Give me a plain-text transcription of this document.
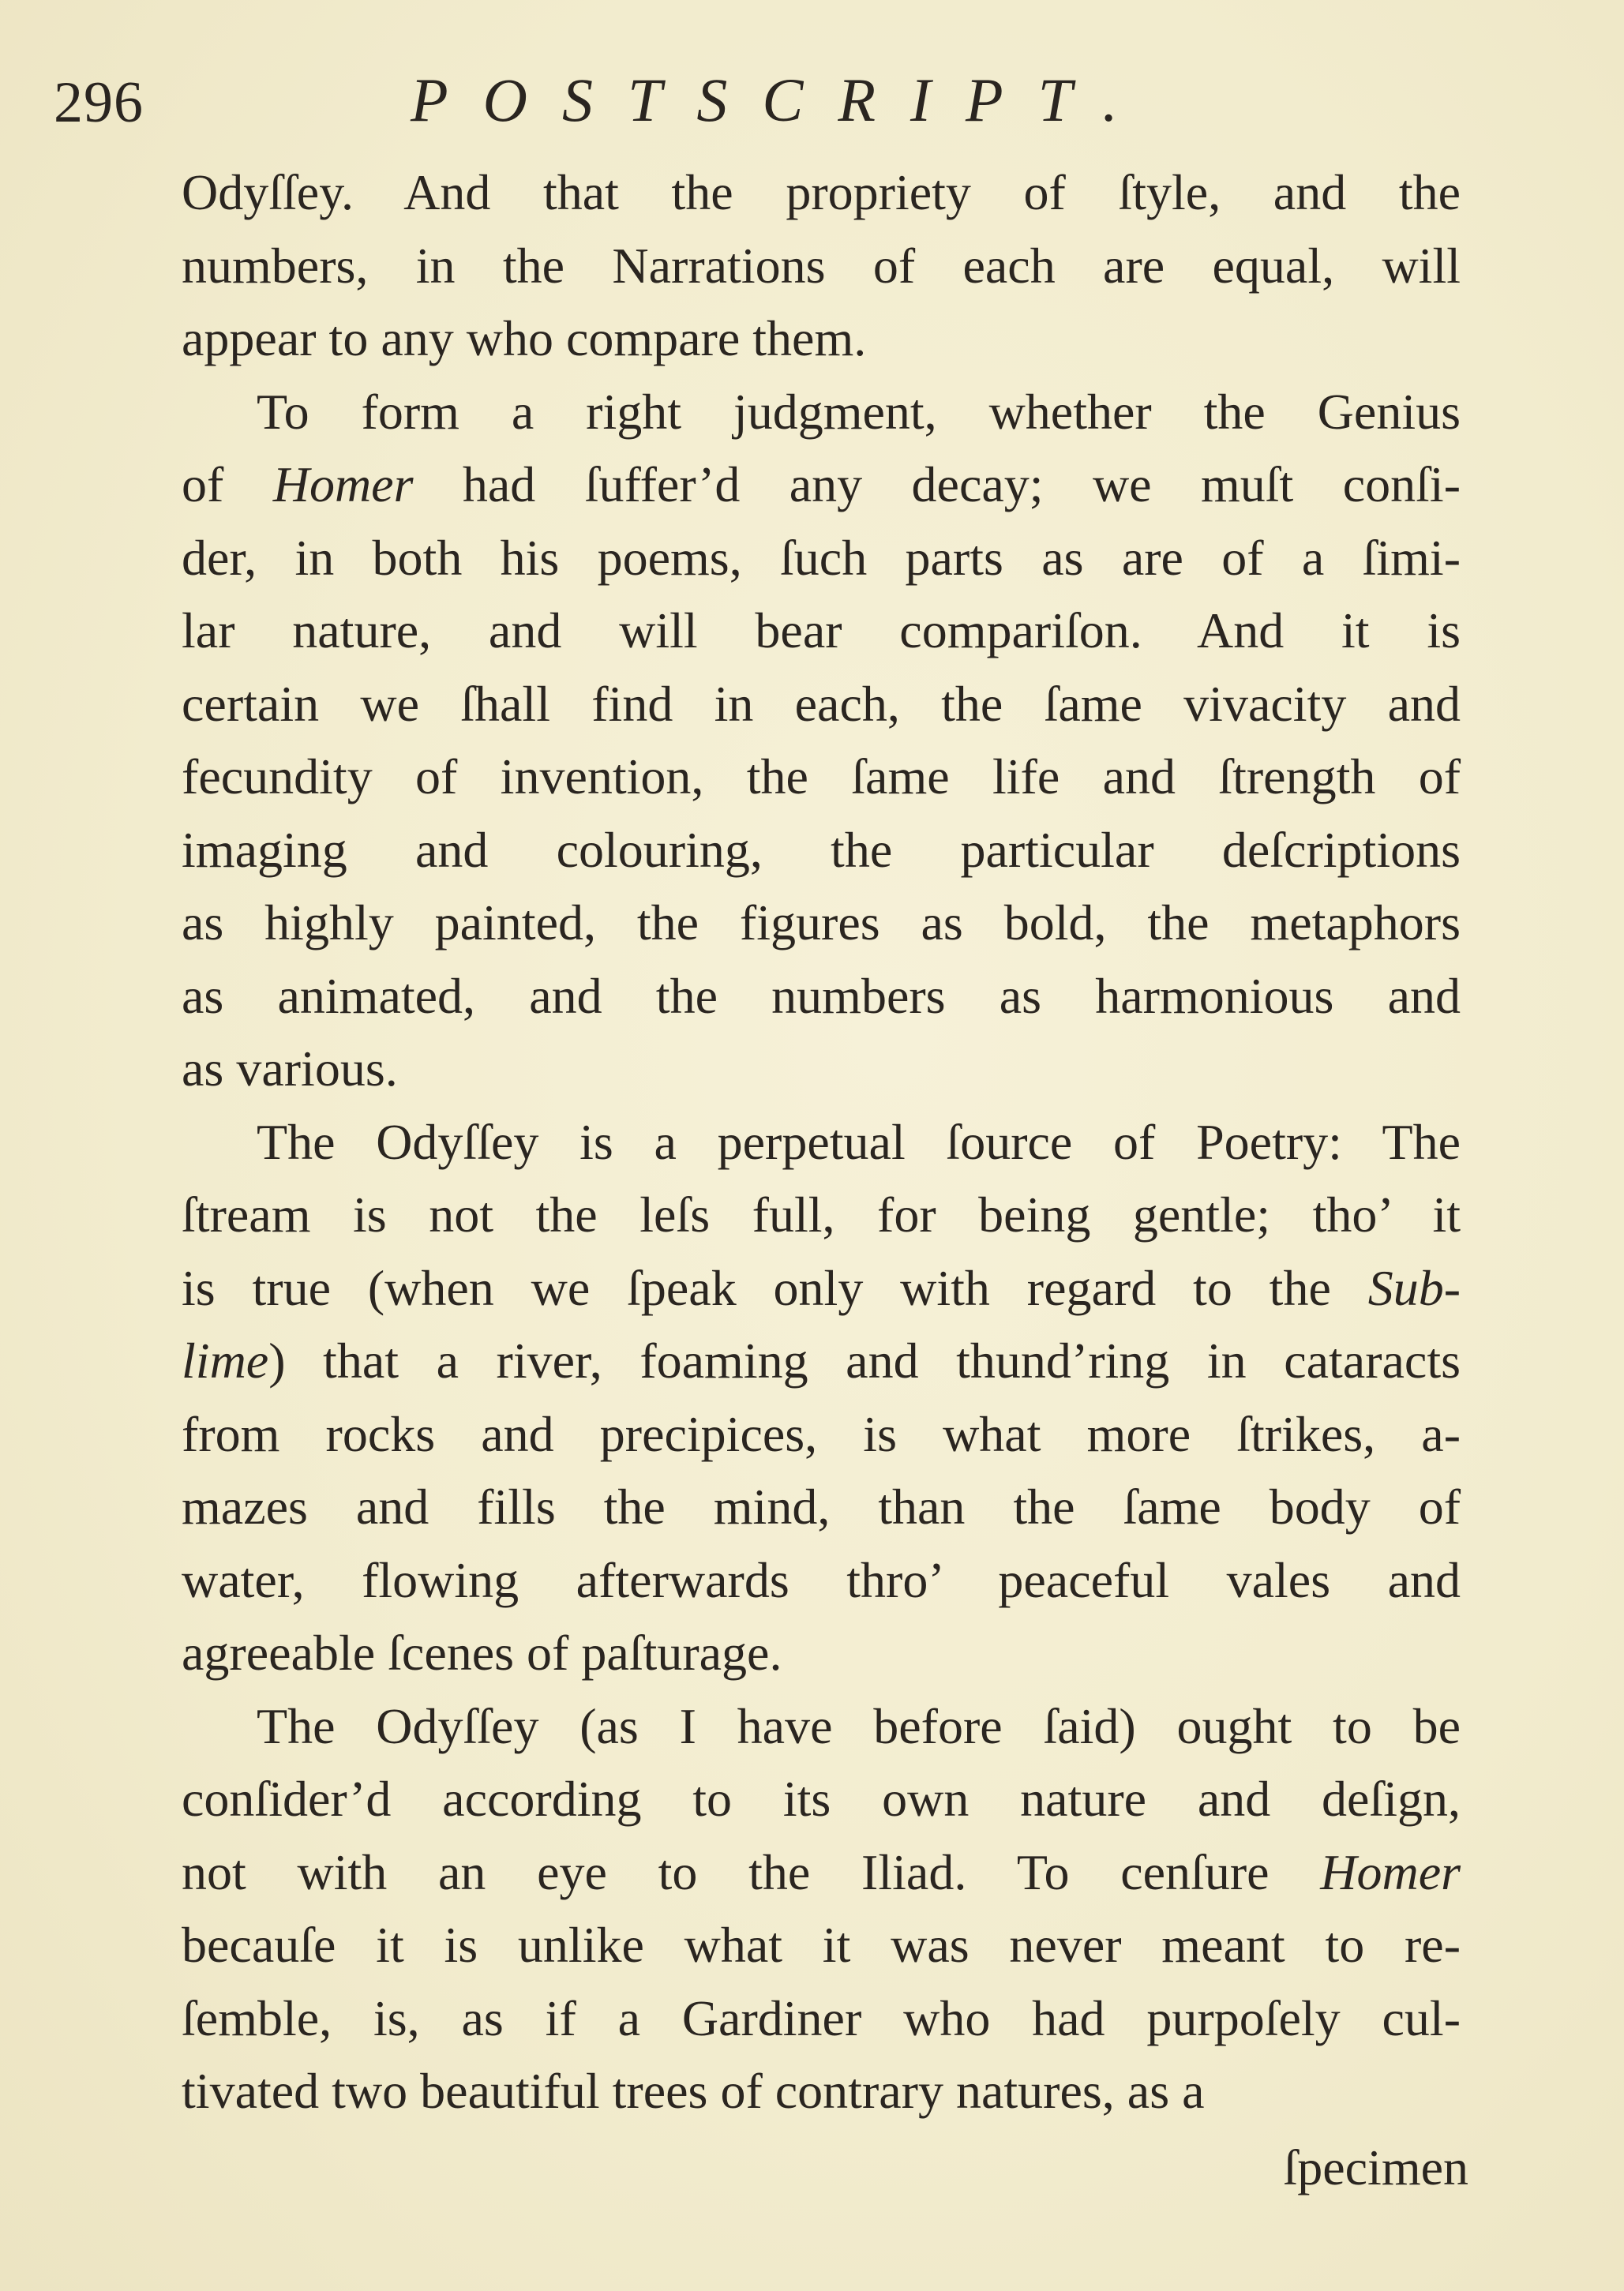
296	POSTSCRIPT.
Odyſſey. And that the propriety of ſtyle, and the
numbers, in the Narrations of each are equal, will
appear to any who compare them.
To form a right judgment, whether the Genius
of Homer had ſuffer’d any decay; we muſt conſi-
der, in both his poems, ſuch parts as are of a ſimi-
lar nature, and will bear compariſon. And it is
certain we ſhall find in each, the ſame vivacity and
fecundity of invention, the ſame life and ſtrength of
imaging and colouring, the particular deſcriptions
as highly painted, the figures as bold, the metaphors
as animated, and the numbers as harmonious and
as various.
The Odyſſey is a perpetual ſource of Poetry: The
ſtream is not the leſs full, for being gentle; tho’ it
is true (when we ſpeak only with regard to the Sub-
lime) that a river, foaming and thund’ring in cataracts
from rocks and precipices, is what more ſtrikes, a-
mazes and fills the mind, than the ſame body of
water, flowing afterwards thro’ peaceful vales and
agreeable ſcenes of paſturage.
The Odyſſey (as I have before ſaid) ought to be
conſider’d according to its own nature and deſign,
not with an eye to the Iliad. To cenſure Homer
becauſe it is unlike what it was never meant to re-
ſemble, is, as if a Gardiner who had purpoſely cul-
tivated two beautiful trees of contrary natures, as a
ſpecimen
